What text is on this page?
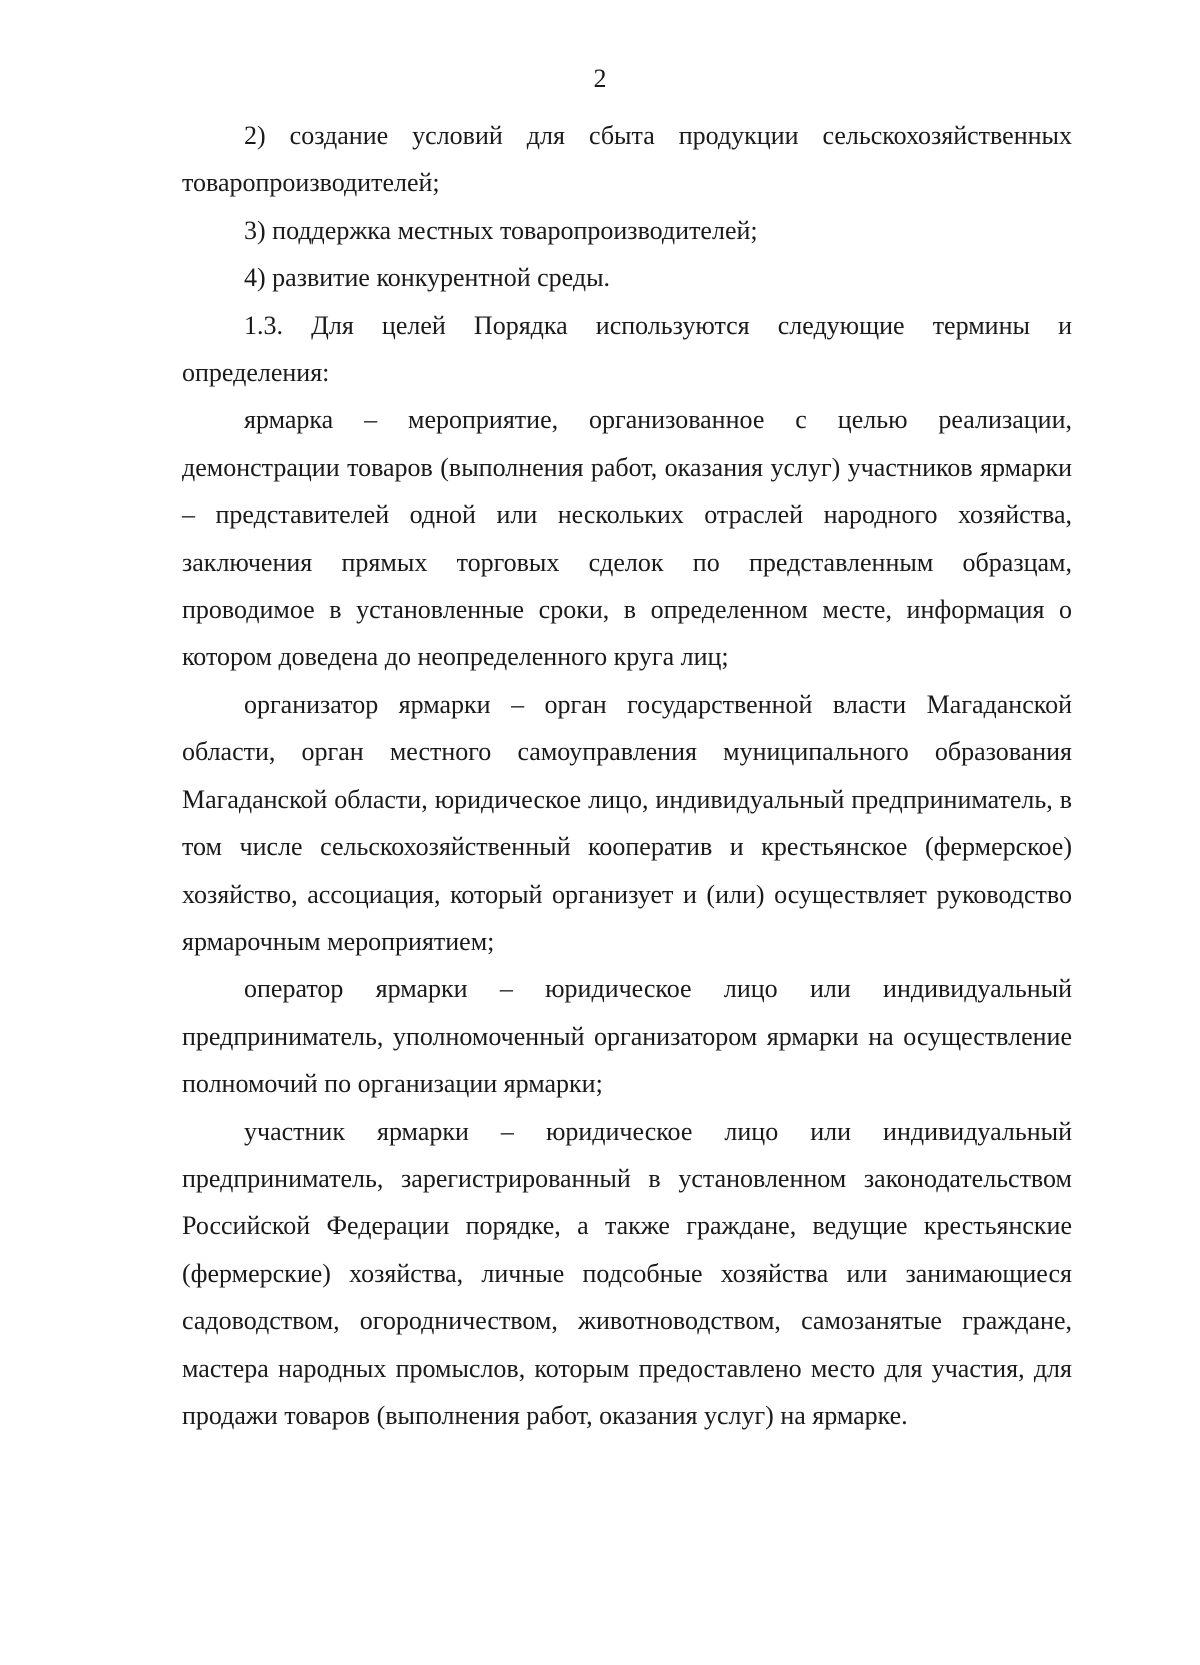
2

2) создание условий для сбыта продукции сельскохозяйственных товаропроизводителей;

3) поддержка местных товаропроизводителей;

4) развитие конкурентной среды.

1.3. Для целей Порядка используются следующие термины и определения:

ярмарка – мероприятие, организованное с целью реализации, демонстрации товаров (выполнения работ, оказания услуг) участников ярмарки – представителей одной или нескольких отраслей народного хозяйства, заключения прямых торговых сделок по представленным образцам, проводимое в установленные сроки, в определенном месте, информация о котором доведена до неопределенного круга лиц;

организатор ярмарки – орган государственной власти Магаданской области, орган местного самоуправления муниципального образования Магаданской области, юридическое лицо, индивидуальный предприниматель, в том числе сельскохозяйственный кооператив и крестьянское (фермерское) хозяйство, ассоциация, который организует и (или) осуществляет руководство ярмарочным мероприятием;

оператор ярмарки – юридическое лицо или индивидуальный предприниматель, уполномоченный организатором ярмарки на осуществление полномочий по организации ярмарки;

участник ярмарки – юридическое лицо или индивидуальный предприниматель, зарегистрированный в установленном законодательством Российской Федерации порядке, а также граждане, ведущие крестьянские (фермерские) хозяйства, личные подсобные хозяйства или занимающиеся садоводством, огородничеством, животноводством, самозанятые граждане, мастера народных промыслов, которым предоставлено место для участия, для продажи товаров (выполнения работ, оказания услуг) на ярмарке.
